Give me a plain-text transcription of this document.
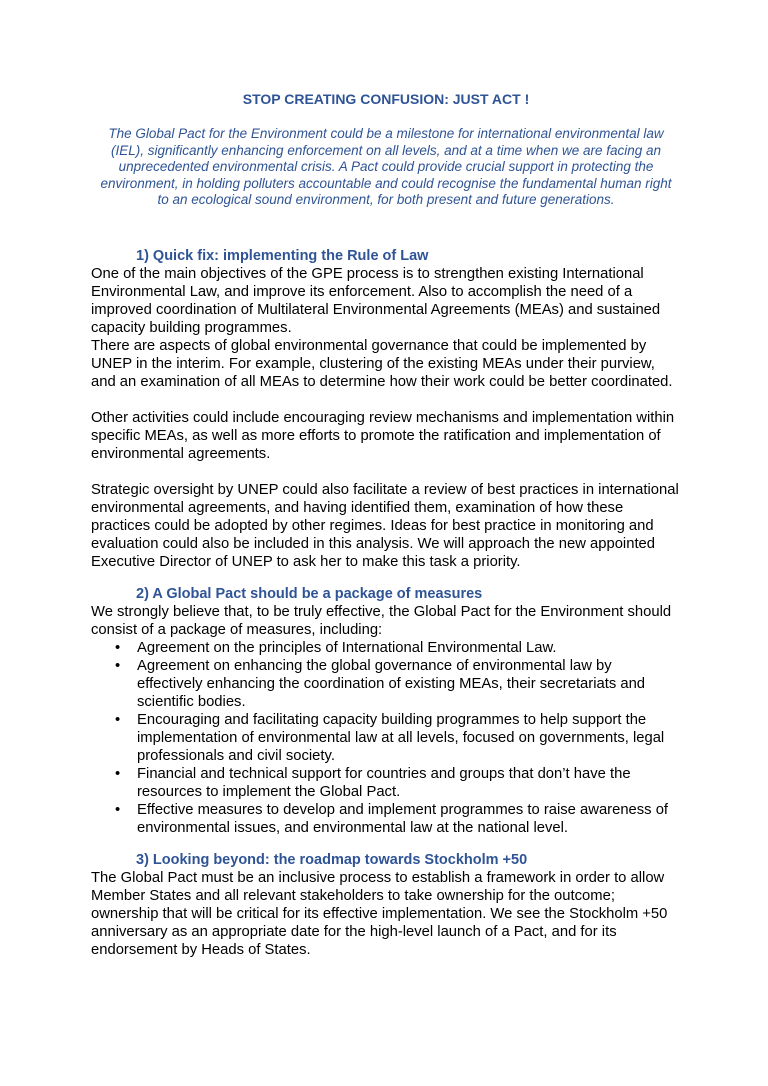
STOP CREATING CONFUSION: JUST ACT !

The Global Pact for the Environment could be a milestone for international environmental law (IEL), significantly enhancing enforcement on all levels, and at a time when we are facing an unprecedented environmental crisis. A Pact could provide crucial support in protecting the environment, in holding polluters accountable and could recognise the fundamental human right to an ecological sound environment, for both present and future generations.

1) Quick fix: implementing the Rule of Law

One of the main objectives of the GPE process is to strengthen existing International Environmental Law, and improve its enforcement. Also to accomplish the need of a improved coordination of Multilateral Environmental Agreements (MEAs) and sustained capacity building programmes.

There are aspects of global environmental governance that could be implemented by UNEP in the interim. For example, clustering of the existing MEAs under their purview, and an examination of all MEAs to determine how their work could be better coordinated.

Other activities could include encouraging review mechanisms and implementation within specific MEAs, as well as more efforts to promote the ratification and implementation of environmental agreements.

Strategic oversight by UNEP could also facilitate a review of best practices in international environmental agreements, and having identified them, examination of how these practices could be adopted by other regimes. Ideas for best practice in monitoring and evaluation could also be included in this analysis. We will approach the new appointed Executive Director of UNEP to ask her to make this task a priority.

2) A Global Pact should be a package of measures

We strongly believe that, to be truly effective, the Global Pact for the Environment should consist of a package of measures, including:

• Agreement on the principles of International Environmental Law.
• Agreement on enhancing the global governance of environmental law by effectively enhancing the coordination of existing MEAs, their secretariats and scientific bodies.
• Encouraging and facilitating capacity building programmes to help support the implementation of environmental law at all levels, focused on governments, legal professionals and civil society.
• Financial and technical support for countries and groups that don’t have the resources to implement the Global Pact.
• Effective measures to develop and implement programmes to raise awareness of environmental issues, and environmental law at the national level.
3) Looking beyond: the roadmap towards Stockholm +50

The Global Pact must be an inclusive process to establish a framework in order to allow Member States and all relevant stakeholders to take ownership for the outcome; ownership that will be critical for its effective implementation. We see the Stockholm +50 anniversary as an appropriate date for the high-level launch of a Pact, and for its endorsement by Heads of States.
